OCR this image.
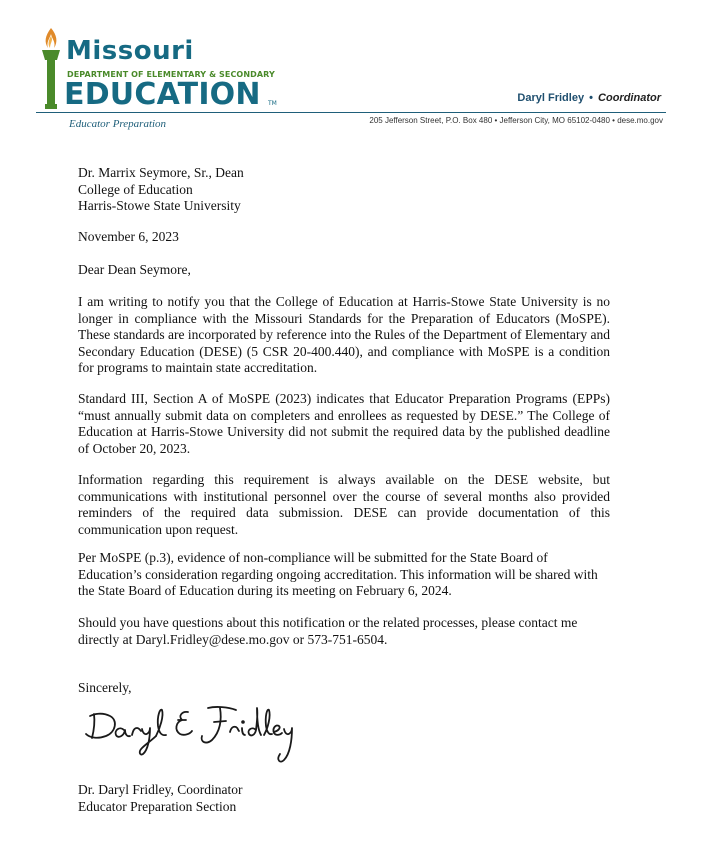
Missouri
DEPARTMENT OF ELEMENTARY & SECONDARY
EDUCATION TM	Daryl Fridley • Coordinator
Educator Preparation	205 Jefferson Street, P.O. Box 480 • Jefferson City, MO 65102-0480 • dese.mo.gov

Dr. Marrix Seymore, Sr., Dean

College of Education

Harris-Stowe State University

November 6, 2023
Dear Dean Seymore,

I am writing to notify you that the College of Education at Harris-Stowe State University is no longer in compliance with the Missouri Standards for the Preparation of Educators (MoSPE). These standards are incorporated by reference into the Rules of the Department of Elementary and Secondary Education (DESE) (5 CSR 20-400.440), and compliance with MoSPE is a condition for programs to maintain state accreditation.

Standard III, Section A of MoSPE (2023) indicates that Educator Preparation Programs (EPPs) “must annually submit data on completers and enrollees as requested by DESE.” The College of Education at Harris-Stowe University did not submit the required data by the published deadline of October 20, 2023.

Information regarding this requirement is always available on the DESE website, but communications with institutional personnel over the course of several months also provided reminders of the required data submission. DESE can provide documentation of this communication upon request.

Per MoSPE (p.3), evidence of non-compliance will be submitted for the State Board of Education’s consideration regarding ongoing accreditation. This information will be shared with the State Board of Education during its meeting on February 6, 2024.

Should you have questions about this notification or the related processes, please contact me directly at Daryl.Fridley@dese.mo.gov or 573-751-6504.

Sincerely,

Dr. Daryl Fridley, Coordinator

Educator Preparation Section
